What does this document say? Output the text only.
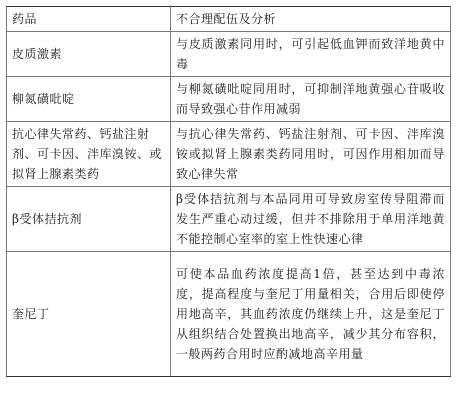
药品	不合理配伍及分析
皮质激素	与皮质激素同用时，可引起低血钾而致洋地黄中毒
柳氮磺吡啶	与柳氮磺吡啶同用时，可抑制洋地黄强心苷吸收而导致强心苷作用减弱
抗心律失常药、钙盐注射剂、可卡因、泮库溴铵、或拟肾上腺素类药	与抗心律失常药、钙盐注射剂、可卡因、泮库溴铵或拟肾上腺素类药同用时，可因作用相加而导致心律失常
β受体拮抗剂	β受体拮抗剂与本品同用可导致房室传导阻滞而发生严重心动过缓，但并不排除用于单用洋地黄不能控制心室率的室上性快速心律
奎尼丁	可使本品血药浓度提高1倍，甚至达到中毒浓度，提高程度与奎尼丁用量相关，合用后即使停用地高辛，其血药浓度仍继续上升，这是奎尼丁从组织结合处置换出地高辛，减少其分布容积，一般两药合用时应酌减地高辛用量
